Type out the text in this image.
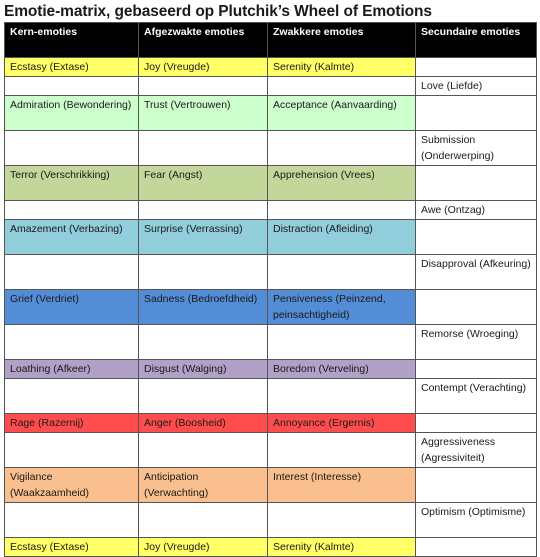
Emotie-matrix, gebaseerd op Plutchik’s Wheel of Emotions
Kern-emoties	Afgezwakte emoties	Zwakkere emoties	Secundaire emoties
Ecstasy (Extase)	Joy (Vreugde)	Serenity (Kalmte)	
			Love (Liefde)
Admiration (Bewondering)	Trust (Vertrouwen)	Acceptance (Aanvaarding)	
			Submission (Onderwerping)
Terror (Verschrikking)	Fear (Angst)	Apprehension (Vrees)	
			Awe (Ontzag)
Amazement (Verbazing)	Surprise (Verrassing)	Distraction (Afleiding)	
			Disapproval (Afkeuring)
Grief (Verdriet)	Sadness (Bedroefdheid)	Pensiveness (Peinzend, peinsachtigheid)	
			Remorse (Wroeging)
Loathing (Afkeer)	Disgust (Walging)	Boredom (Verveling)	
			Contempt (Verachting)
Rage (Razernij)	Anger (Boosheid)	Annoyance (Ergernis)	
			Aggressiveness (Agressiviteit)
Vigilance (Waakzaamheid)	Anticipation (Verwachting)	Interest (Interesse)	
			Optimism (Optimisme)
Ecstasy (Extase)	Joy (Vreugde)	Serenity (Kalmte)	
